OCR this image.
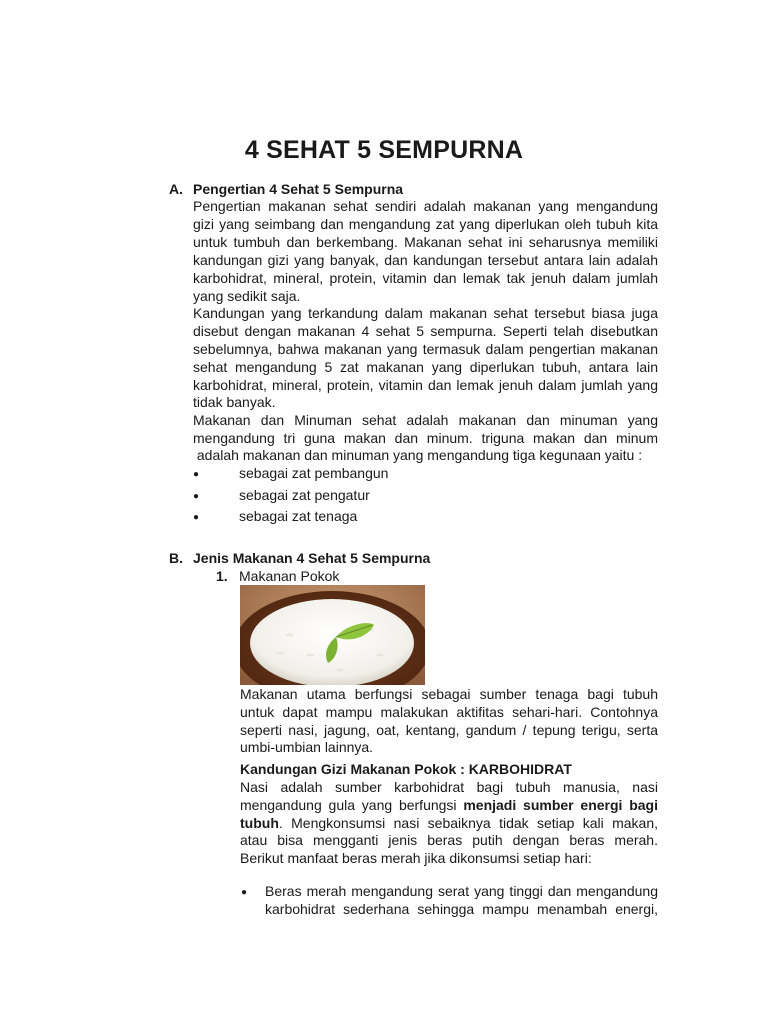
4 SEHAT 5 SEMPURNA
A. Pengertian 4 Sehat 5 Sempurna
Pengertian makanan sehat sendiri adalah makanan yang mengandung
gizi yang seimbang dan mengandung zat yang diperlukan oleh tubuh kita
untuk tumbuh dan berkembang. Makanan sehat ini seharusnya memiliki
kandungan gizi yang banyak, dan kandungan tersebut antara lain adalah
karbohidrat, mineral, protein, vitamin dan lemak tak jenuh dalam jumlah
yang sedikit saja.
Kandungan yang terkandung dalam makanan sehat tersebut biasa juga
disebut dengan makanan 4 sehat 5 sempurna. Seperti telah disebutkan
sebelumnya, bahwa makanan yang termasuk dalam pengertian makanan
sehat mengandung 5 zat makanan yang diperlukan tubuh, antara lain
karbohidrat, mineral, protein, vitamin dan lemak jenuh dalam jumlah yang
tidak banyak.
Makanan dan Minuman sehat adalah makanan dan minuman yang
mengandung tri guna makan dan minum. triguna makan dan minum
adalah makanan dan minuman yang mengandung tiga kegunaan yaitu :
●	sebagai zat pembangun
●	sebagai zat pengatur
●	sebagai zat tenaga
B. Jenis Makanan 4 Sehat 5 Sempurna
1. Makanan Pokok
Makanan utama berfungsi sebagai sumber tenaga bagi tubuh
untuk dapat mampu malakukan aktifitas sehari-hari. Contohnya
seperti nasi, jagung, oat, kentang, gandum / tepung terigu, serta
umbi-umbian lainnya.
Kandungan Gizi Makanan Pokok : KARBOHIDRAT
Nasi adalah sumber karbohidrat bagi tubuh manusia, nasi
mengandung gula yang berfungsi menjadi sumber energi bagi
tubuh. Mengkonsumsi nasi sebaiknya tidak setiap kali makan,
atau bisa mengganti jenis beras putih dengan beras merah.
Berikut manfaat beras merah jika dikonsumsi setiap hari:
● Beras merah mengandung serat yang tinggi dan mengandung
karbohidrat sederhana sehingga mampu menambah energi,
